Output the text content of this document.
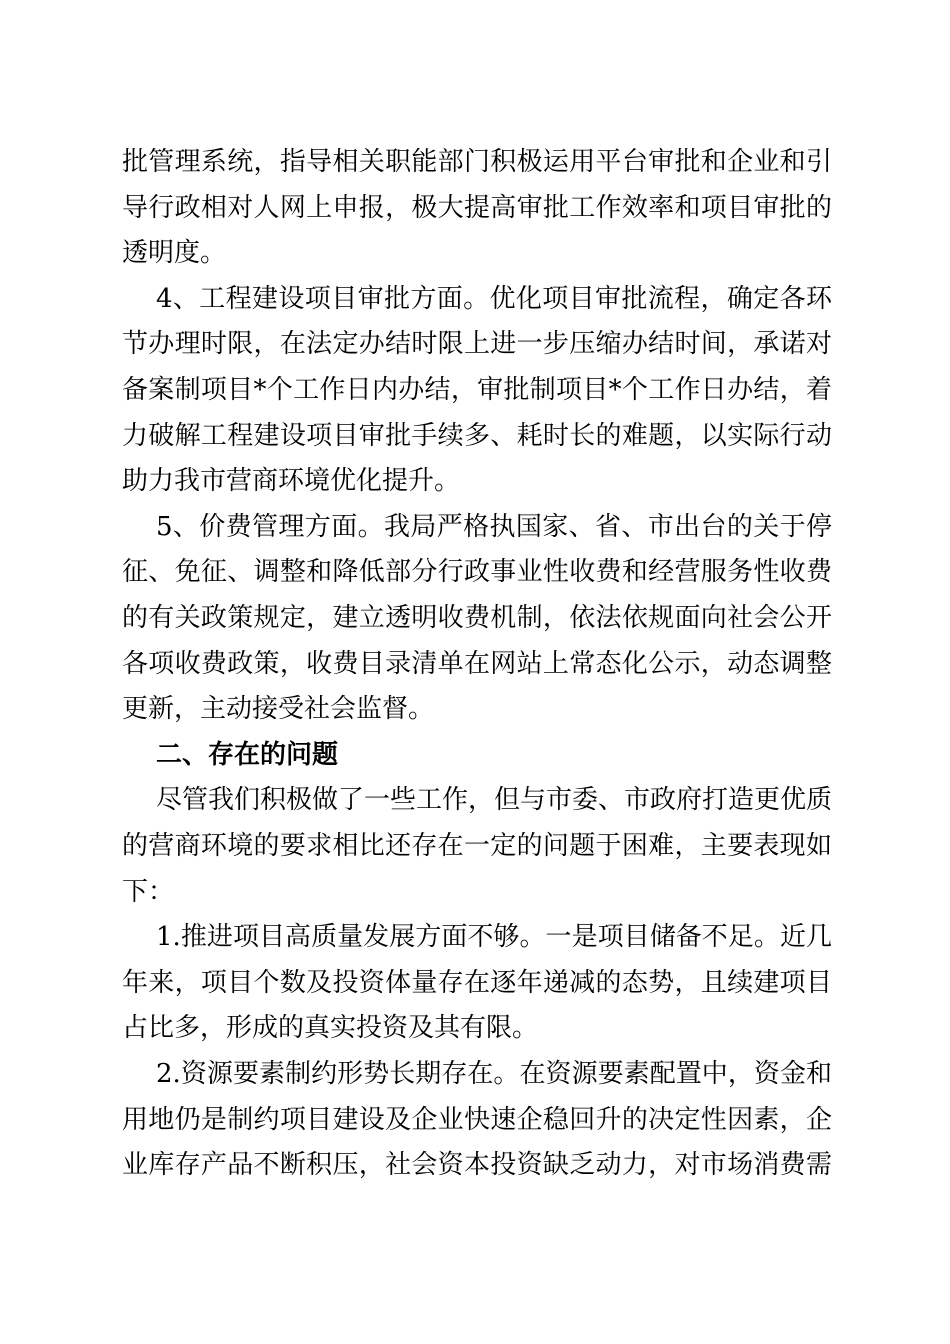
批管理系统，指导相关职能部门积极运用平台审批和企业和引
导行政相对人网上申报，极大提高审批工作效率和项目审批的
透明度。
4、工程建设项目审批方面。优化项目审批流程，确定各环
节办理时限，在法定办结时限上进一步压缩办结时间，承诺对
备案制项目*个工作日内办结，审批制项目*个工作日办结，着
力破解工程建设项目审批手续多、耗时长的难题，以实际行动
助力我市营商环境优化提升。
5、价费管理方面。我局严格执国家、省、市出台的关于停
征、免征、调整和降低部分行政事业性收费和经营服务性收费
的有关政策规定，建立透明收费机制，依法依规面向社会公开
各项收费政策，收费目录清单在网站上常态化公示，动态调整
更新，主动接受社会监督。
二、存在的问题
尽管我们积极做了一些工作，但与市委、市政府打造更优质
的营商环境的要求相比还存在一定的问题于困难，主要表现如
下：
1.推进项目高质量发展方面不够。一是项目储备不足。近几
年来，项目个数及投资体量存在逐年递减的态势，且续建项目
占比多，形成的真实投资及其有限。
2.资源要素制约形势长期存在。在资源要素配置中，资金和
用地仍是制约项目建设及企业快速企稳回升的决定性因素，企
业库存产品不断积压，社会资本投资缺乏动力，对市场消费需
